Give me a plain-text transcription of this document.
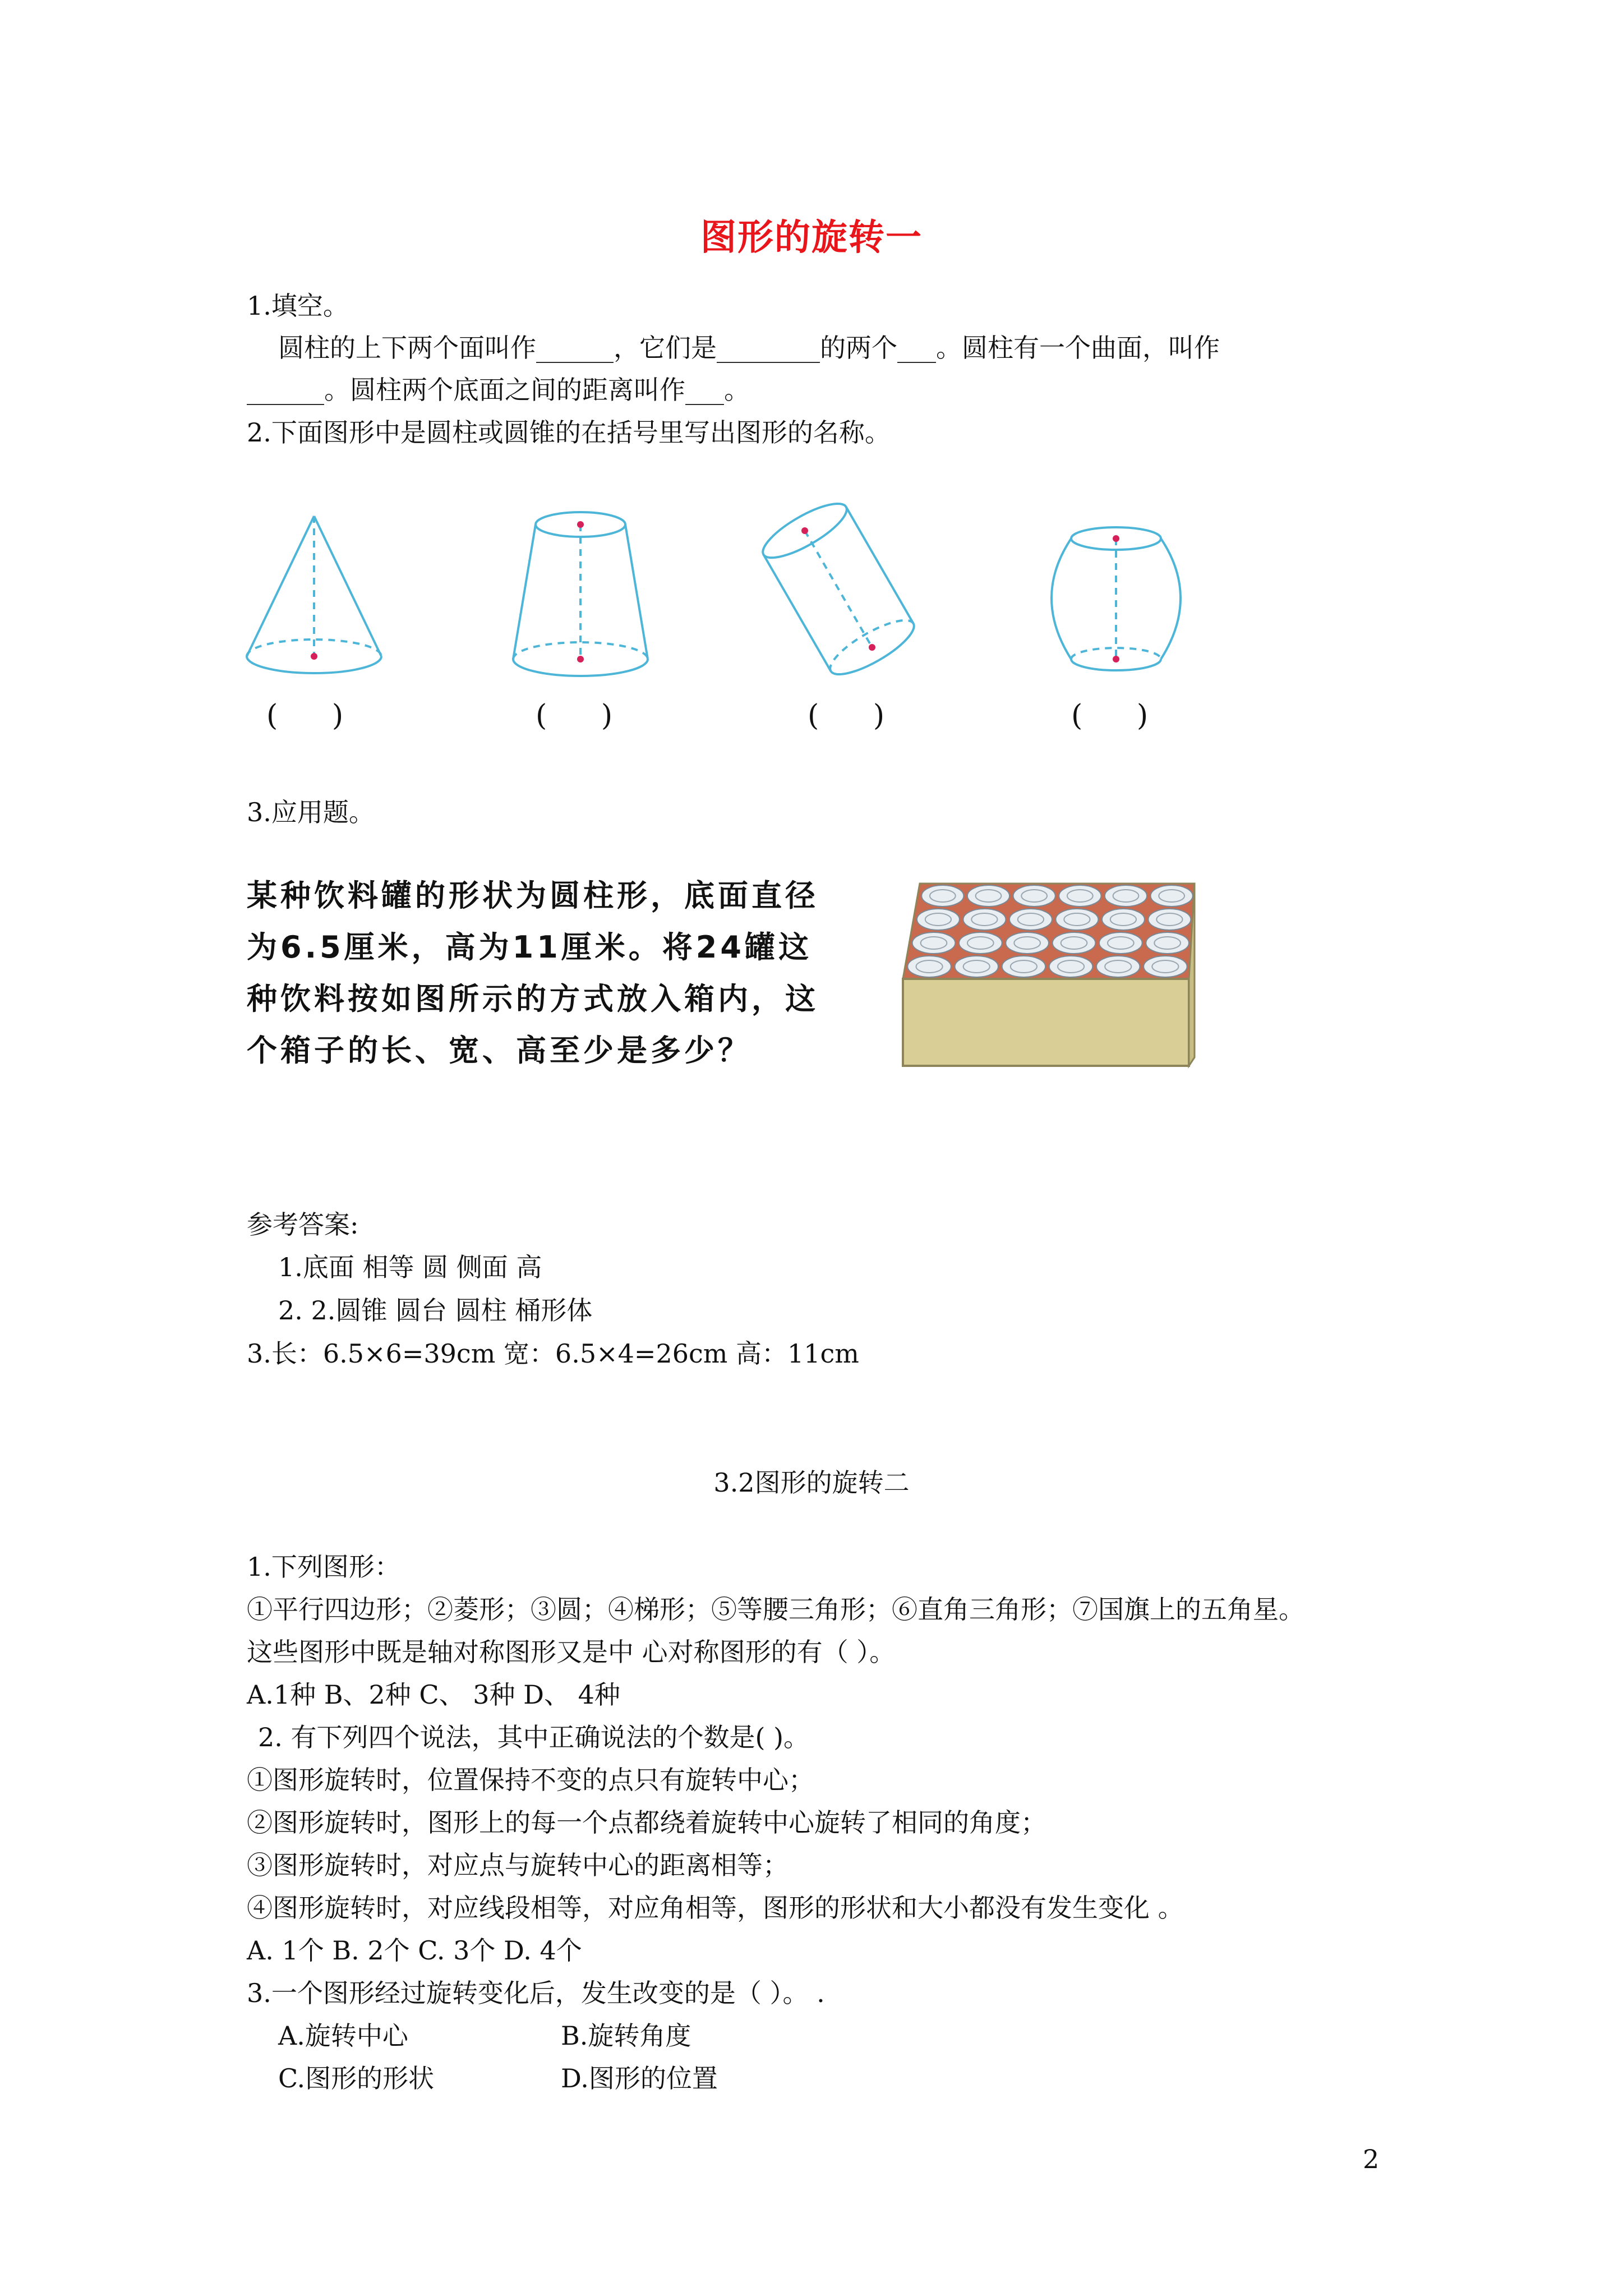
图形的旋转一
1.填空。
圆柱的上下两个面叫作______，它们是________的两个___。圆柱有一个曲面，叫作
______。圆柱两个底面之间的距离叫作___。
2.下面图形中是圆柱或圆锥的在括号里写出图形的名称。
( )	( )	( )	( )
3.应用题。
某种饮料罐的形状为圆柱形，底面直径
为6.5厘米，高为11厘米。将24罐这
种饮料按如图所示的方式放入箱内，这
个箱子的长、宽、高至少是多少？
参考答案:
1.底面 相等 圆 侧面 高
2. 2.圆锥 圆台 圆柱 桶形体
3.长：6.5×6=39cm 宽：6.5×4=26cm 高：11cm
3.2图形的旋转二
1.下列图形：
①平行四边形；②菱形；③圆；④梯形；⑤等腰三角形；⑥直角三角形；⑦国旗上的五角星。
这些图形中既是轴对称图形又是中 心对称图形的有（ ）。
A.1种 B、2种 C、 3种 D、 4种
2. 有下列四个说法，其中正确说法的个数是( )。
①图形旋转时，位置保持不变的点只有旋转中心；
②图形旋转时，图形上的每一个点都绕着旋转中心旋转了相同的角度；
③图形旋转时，对应点与旋转中心的距离相等；
④图形旋转时，对应线段相等，对应角相等，图形的形状和大小都没有发生变化 。
A. 1个 B. 2个 C. 3个 D. 4个
3.一个图形经过旋转变化后，发生改变的是（ ）。 .
A.旋转中心	B.旋转角度
C.图形的形状	D.图形的位置
2
